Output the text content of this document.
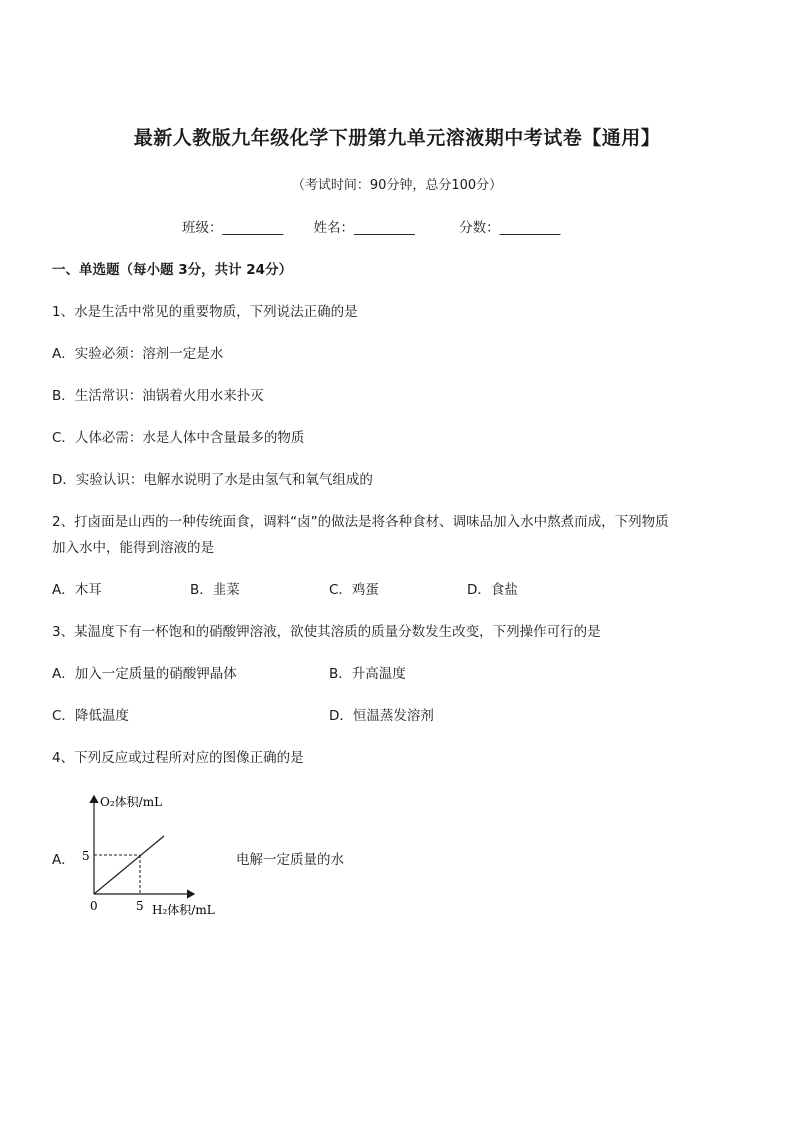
最新人教版九年级化学下册第九单元溶液期中考试卷【通用】
（考试时间：90分钟，总分100分）
班级：_________ 姓名：_________	分数：_________
一、单选题（每小题 3分，共计 24分）
1、水是生活中常见的重要物质，下列说法正确的是
A．实验必须：溶剂一定是水
B．生活常识：油锅着火用水来扑灭
C．人体必需：水是人体中含量最多的物质
D．实验认识：电解水说明了水是由氢气和氧气组成的
2、打卤面是山西的一种传统面食，调料“卤”的做法是将各种食材、调味品加入水中熬煮而成，下列物质
加入水中，能得到溶液的是
A．木耳	B．韭菜	C．鸡蛋	D．食盐
3、某温度下有一杯饱和的硝酸钾溶液，欲使其溶质的质量分数发生改变，下列操作可行的是
A．加入一定质量的硝酸钾晶体	B．升高温度
C．降低温度	D．恒温蒸发溶剂
4、下列反应或过程所对应的图像正确的是
A．
O₂体积/mL
H₂体积/mL
0	5
5	电解一定质量的水
